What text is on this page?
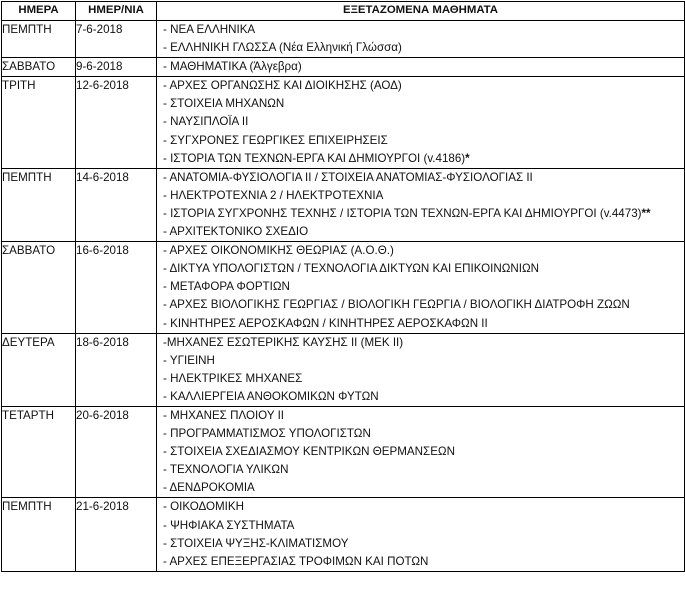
ΗΜΕΡΑ	ΗΜΕΡ/ΝΙΑ	ΕΞΕΤΑΖΟΜΕΝΑ ΜΑΘΗΜΑΤΑ
ΠΕΜΠΤΗ	7-6-2018	- ΝΕΑ ΕΛΛΗΝΙΚΑ
- ΕΛΛΗΝΙΚΗ ΓΛΩΣΣΑ (Νέα Ελληνική Γλώσσα)

ΣΑΒΒΑΤΟ	9-6-2018	- ΜΑΘΗΜΑΤΙΚΑ (Άλγεβρα)

ΤΡΙΤΗ	12-6-2018	- ΑΡΧΕΣ ΟΡΓΑΝΩΣΗΣ ΚΑΙ ΔΙΟΙΚΗΣΗΣ (ΑΟΔ)
- ΣΤΟΙΧΕΙΑ ΜΗΧΑΝΩΝ
- ΝΑΥΣΙΠΛΟΪΑ ΙΙ
- ΣΥΓΧΡΟΝΕΣ ΓΕΩΡΓΙΚΕΣ ΕΠΙΧΕΙΡΗΣΕΙΣ
- ΙΣΤΟΡΙΑ ΤΩΝ ΤΕΧΝΩΝ-ΕΡΓΑ ΚΑΙ ΔΗΜΙΟΥΡΓΟΙ (v.4186)*

ΠΕΜΠΤΗ	14-6-2018	- ΑΝΑΤΟΜΙΑ-ΦΥΣΙΟΛΟΓΙΑ ΙΙ / ΣΤΟΙΧΕΙΑ ΑΝΑΤΟΜΙΑΣ-ΦΥΣΙΟΛΟΓΙΑΣ ΙΙ
- ΗΛΕΚΤΡΟΤΕΧΝΙΑ 2 / ΗΛΕΚΤΡΟΤΕΧΝΙΑ
- ΙΣΤΟΡΙΑ ΣΥΓΧΡΟΝΗΣ ΤΕΧΝΗΣ / ΙΣΤΟΡΙΑ ΤΩΝ ΤΕΧΝΩΝ-ΕΡΓΑ ΚΑΙ ΔΗΜΙΟΥΡΓΟΙ (v.4473)**
- ΑΡΧΙΤΕΚΤΟΝΙΚΟ ΣΧΕΔΙΟ

ΣΑΒΒΑΤΟ	16-6-2018	- ΑΡΧΕΣ ΟΙΚΟΝΟΜΙΚΗΣ ΘΕΩΡΙΑΣ (Α.Ο.Θ.)
- ΔΙΚΤΥΑ ΥΠΟΛΟΓΙΣΤΩΝ / ΤΕΧΝΟΛΟΓΙΑ ΔΙΚΤΥΩΝ ΚΑΙ ΕΠΙΚΟΙΝΩΝΙΩΝ
- ΜΕΤΑΦΟΡΑ ΦΟΡΤΙΩΝ
- ΑΡΧΕΣ ΒΙΟΛΟΓΙΚΗΣ ΓΕΩΡΓΙΑΣ / ΒΙΟΛΟΓΙΚΗ ΓΕΩΡΓΙΑ / ΒΙΟΛΟΓΙΚΗ ΔΙΑΤΡΟΦΗ ΖΩΩΝ
- ΚΙΝΗΤΗΡΕΣ ΑΕΡΟΣΚΑΦΩΝ / ΚΙΝΗΤΗΡΕΣ ΑΕΡΟΣΚΑΦΩΝ ΙΙ

ΔΕΥΤΕΡΑ	18-6-2018	-ΜΗΧΑΝΕΣ ΕΣΩΤΕΡΙΚΗΣ ΚΑΥΣΗΣ ΙΙ (ΜΕΚ ΙΙ)
- ΥΓΙΕΙΝΗ
- ΗΛΕΚΤΡΙΚΕΣ ΜΗΧΑΝΕΣ
- ΚΑΛΛΙΕΡΓΕΙΑ ΑΝΘΟΚΟΜΙΚΩΝ ΦΥΤΩΝ

ΤΕΤΑΡΤΗ	20-6-2018	- ΜΗΧΑΝΕΣ ΠΛΟΙΟΥ ΙΙ
- ΠΡΟΓΡΑΜΜΑΤΙΣΜΟΣ ΥΠΟΛΟΓΙΣΤΩΝ
- ΣΤΟΙΧΕΙΑ ΣΧΕΔΙΑΣΜΟΥ ΚΕΝΤΡΙΚΩΝ ΘΕΡΜΑΝΣΕΩΝ
- ΤΕΧΝΟΛΟΓΙΑ ΥΛΙΚΩΝ
- ΔΕΝΔΡΟΚΟΜΙΑ

ΠΕΜΠΤΗ	21-6-2018	- ΟΙΚΟΔΟΜΙΚΗ
- ΨΗΦΙΑΚΑ ΣΥΣΤΗΜΑΤΑ
- ΣΤΟΙΧΕΙΑ ΨΥΞΗΣ-ΚΛΙΜΑΤΙΣΜΟΥ
- ΑΡΧΕΣ ΕΠΕΞΕΡΓΑΣΙΑΣ ΤΡΟΦΙΜΩΝ ΚΑΙ ΠΟΤΩΝ
